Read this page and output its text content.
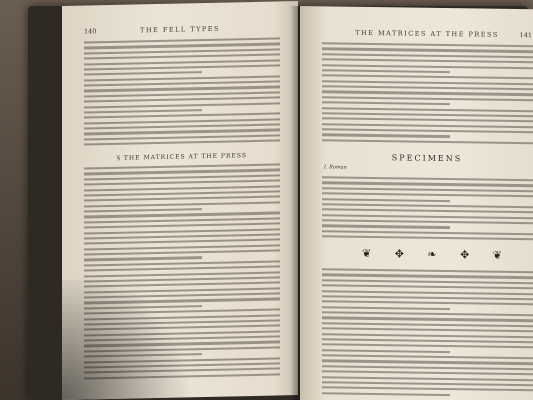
140	THE FELL TYPES
§ THE MATRICES AT THE PRESS
THE MATRICES AT THE PRESS	141
SPECIMENS
I. Roman
❦ ✥ ❧ ✥ ❦
